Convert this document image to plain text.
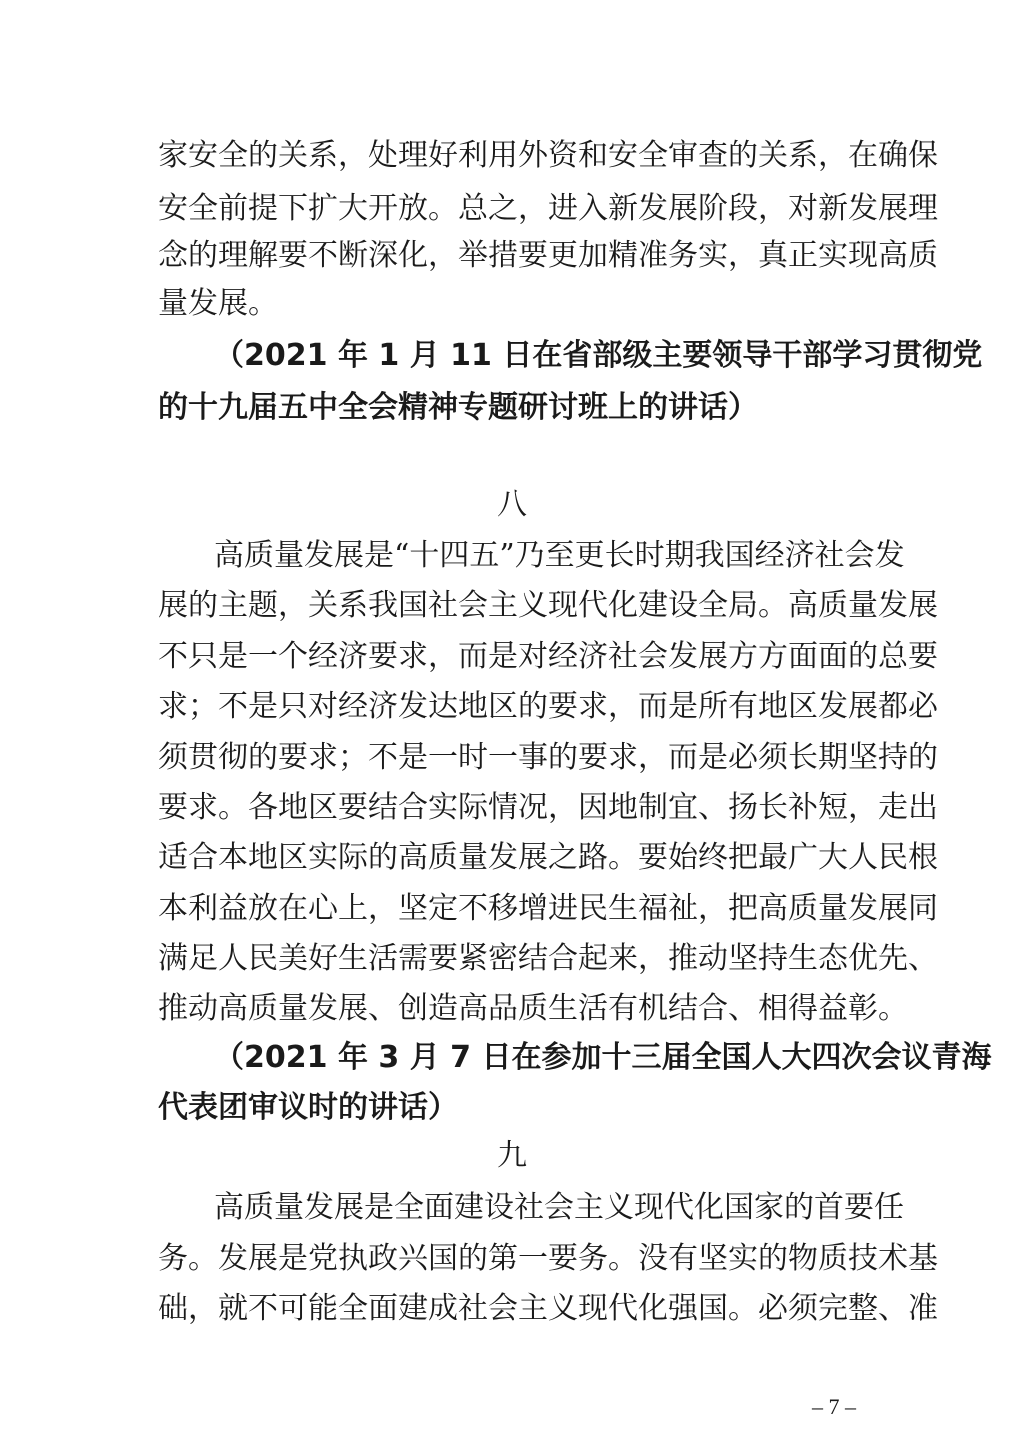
家安全的关系，处理好利用外资和安全审查的关系，在确保
安全前提下扩大开放。总之，进入新发展阶段，对新发展理
念的理解要不断深化，举措要更加精准务实，真正实现高质
量发展。
（2021 年 1 月 11 日在省部级主要领导干部学习贯彻党
的十九届五中全会精神专题研讨班上的讲话）
八
高质量发展是“十四五”乃至更长时期我国经济社会发
展的主题，关系我国社会主义现代化建设全局。高质量发展
不只是一个经济要求，而是对经济社会发展方方面面的总要
求；不是只对经济发达地区的要求，而是所有地区发展都必
须贯彻的要求；不是一时一事的要求，而是必须长期坚持的
要求。各地区要结合实际情况，因地制宜、扬长补短，走出
适合本地区实际的高质量发展之路。要始终把最广大人民根
本利益放在心上，坚定不移增进民生福祉，把高质量发展同
满足人民美好生活需要紧密结合起来，推动坚持生态优先、
推动高质量发展、创造高品质生活有机结合、相得益彰。
（2021 年 3 月 7 日在参加十三届全国人大四次会议青海
代表团审议时的讲话）
九
高质量发展是全面建设社会主义现代化国家的首要任
务。发展是党执政兴国的第一要务。没有坚实的物质技术基
础，就不可能全面建成社会主义现代化强国。必须完整、准
– 7 –
